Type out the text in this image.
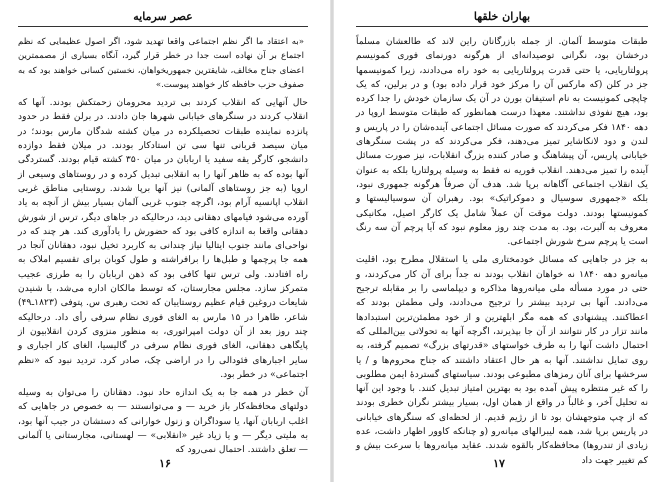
عصر سرمایه

«به اعتقاد ما اگر نظم اجتماعی واقعا تهدید شود، اگر اصول عظیمایی که نظم اجتماع بر آن نهاده است جدا در خطر قرار گیرد، آنگاه بسیاری از مصممترین اعضای جناح مخالف، شایقترین جمهوریخواهان، نخستین کسانی خواهند بود که به صفوف حزب حافظه کار خواهند پیوست.»

حال آنهایی که انقلاب کردند بی تردید محرومان زحمتکش بودند. آنها که انقلاب کردند در سنگرهای خیابانی شهرها جان دادند. در برلن فقط در حدود پانزده نماینده طبقات تحصیلکرده در میان کشته شدگان مارس بودند؛ در میان سیصد قربانی تنها سی تن استادکار بودند. در میلان فقط دوازده دانشجو، کارگر یقه سفید یا اربابان در میان ۳۵۰ کشته قیام بودند. گستردگی آنها بوده که به ظاهر آنها را به انقلابی تبدیل کرده و در روستاهای وسیعی از اروپا (به جز روستاهای آلمانی) نیز آنها برپا شدند. روستایی مناطق غربی انقلاب اپانسیه آرام بود، اگرچه جنوب غربی آلمان بسیار بیش از آنچه به یاد آورده می‌شود فیامهای دهقانی دید، درحالیکه در جاهای دیگر، ترس از شورش دهقانی واقعا به اندازه کافی بود که حضورش را یادآوری کند. هر چند که در نواحی‌ای مانند جنوب ایتالیا نیاز چندانی به کاربرد تخیل نبود، دهقانان آنجا در همه جا پرچمها و طبل‌ها را برافراشته و طول کوبان برای تقسیم املاک به راه افتادند. ولی ترس تنها کافی بود که ذهن اربابان را به طرزی عجیب متمرکز سازد. مجلس مجارستان، که توسط مالکان اداره می‌شد، با شنیدن شایعات دروغین قیام عظیم روستاییان که تحت رهبری س. پتوفی (۱۸۲۳ـ۴۹) شاعر، ظاهرا در ۱۵ مارس به الغای فوری نظام سرفی رأی داد. درحالیکه چند روز بعد از آن دولت امپراتوری، به منظور منزوی کردن انقلابیون از پایگاهی دهقانی، الغای فوری نظام سرفی در گالیسیا، الغای کار اجباری و سایر اجبارهای فئودالی را در اراضی چک، صادر کرد. تردید نبود که «نظم اجتماعی» در خطر بود.

آن خطر در همه جا به یک اندازه حاد نبود. دهقانان را می‌توان به وسیله دولتهای محافظه‌کار باز خرید — و می‌توانستند — به خصوص در جاهایی که اغلب اربابان آنها، یا سوداگران و زنول خوارانی که دستشان در جیب آنها بود، به ملیتی دیگر — و یا زیاد غیر «انقلابی» — لهستانی، مجارستانی یا آلمانی — تعلق داشتند. احتمال نمی‌رود که

۱۶
بهاران خلقها

طبقات متوسط آلمان. از جمله بازرگانان راین لاند که طالعشان مسلماً درخشان بود، نگرانی توصیدانه‌ای از هرگونه دورنمای فوری کمونیسم پرولتاریایی، یا حتی قدرت پرولتاریایی به خود راه می‌دادند، زیرا کمونیسمها جز در کلن (که مارکس آن را مرکز خود قرار داده بود) و در برلین، که یک چاپچی کمونیست به نام استیفان بورن در آن یک سازمان خودش را جدا کرده بود، هیچ نفوذی نداشتند. معهذا درست همانطور که طبقات متوسط اروپا در دهه ۱۸۴۰ فکر می‌کردند که صورت مسائل اجتماعی آینده‌شان را در پاریس و لندن و دود لانکاشایر تمیز می‌دهند، فکر می‌کردند که در پشت سنگرهای خیابانی پاریس، آن پیشاهنگ و صادر کننده بزرگ انقلابات، نیز صورت مسائل آینده را تمیز می‌دهند. انقلاب فوریه نه فقط به وسیله پرولتاریا بلکه به عنوان یک انقلاب اجتماعی آگاهانه برپا شد. هدف آن صرفاً هرگونه جمهوری نبود، بلکه «جمهوری سوسیال و دموکراتیک» بود. رهبران آن سوسیالیستها و کمونیستها بودند. دولت موقت آن عملاً شامل یک کارگر اصیل، مکانیکی معروف به آلبرت، بود. به مدت چند روز معلوم نبود که آیا پرچم آن سه رنگ است یا پرچم سرخ شورش اجتماعی.

به جز در جاهایی که مسائل خودمختاری ملی یا استقلال مطرح بود، اقلیت میانه‌رو دهه ۱۸۴۰ نه خواهان انقلاب بودند نه جداً برای آن کار می‌کردند، و حتی در مورد مسأله ملی میانه‌روها مذاکره و دیپلماسی را بر مقابله ترجیح می‌دادند. آنها بی تردید بیشتر را ترجیح می‌دادند، ولی مطمئن بودند که اعطاکنند. پیشنهادی که همه مگر ابلهترین و از خود مطمئن‌ترین استبدادها مانند تزار در کار نتوانند از آن جا بپذیرند، اگرچه آنها به تحولاتی بین‌المللی که احتمال داشت آنها را به طرف خواستهای «قدرتهای بزرگ» تصمیم گرفته، به روی تمایل نداشتند. آنها به هر حال اعتقاد داشتند که جناح محروم‌ها و / یا سرخشها برای آنان رمزهای مطبوعی بودند. سیاستهای گستردهٔ ایمن مطلوبی را که غیر منتظره پیش آمده بود به بهترین امتیاز تبدیل کنند. با وجود این آنها نه تحلیل آخر، و غالباً در واقع از همان اول، بسیار بیشتر نگران خطری بودند که از چپ متوجهشان بود تا از رژیم قدیم. از لحظه‌ای که سنگرهای خیابانی در پاریس برپا شد، همه لیبرالهای میانه‌رو (و چنانکه کاوور اظهار داشت، عده زیادی از تندروها) محافظه‌کار بالقوه شدند. عقاید میانه‌روها با سرعت بیش و کم تغییر جهت داد

۱۷
